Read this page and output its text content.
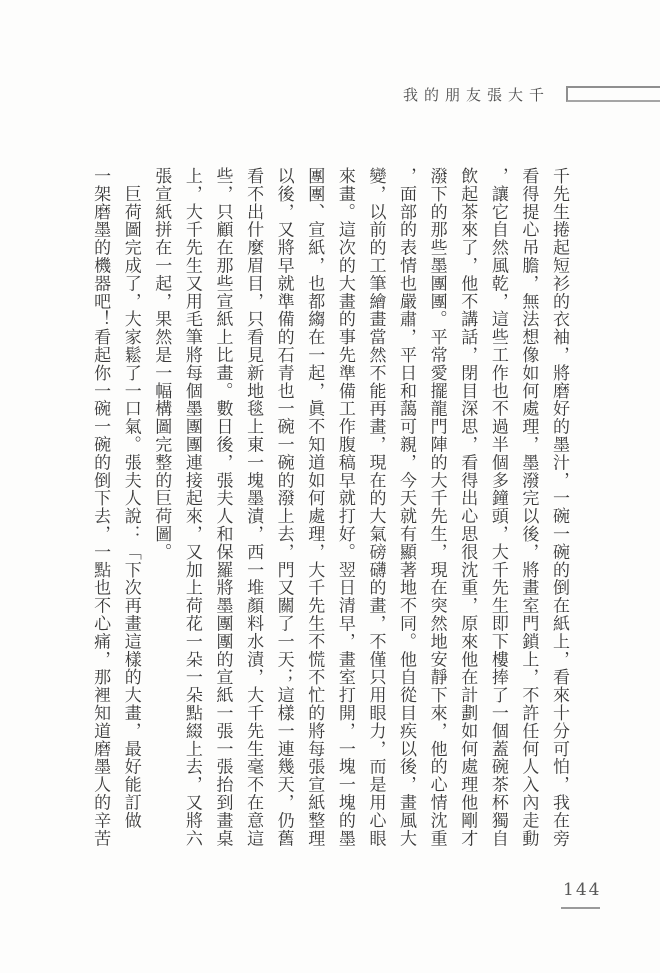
我的朋友張大千
千先生捲起短衫的衣袖，將磨好的墨汁，一碗一碗的倒在紙上，看來十分可怕，我在旁
看得提心吊膽，無法想像如何處理，墨潑完以後，將畫室門鎖上，不許任何人入內走動
，讓它自然風乾，這些工作也不過半個多鐘頭，大千先生即下樓捧了一個蓋碗茶杯獨自
飲起茶來了，他不講話，閉目深思，看得出心思很沈重，原來他在計劃如何處理他剛才
潑下的那些墨團團。平常愛擺龍門陣的大千先生，現在突然地安靜下來，他的心情沈重
，面部的表情也嚴肅，平日和藹可親，今天就有顯著地不同。他自從目疾以後，畫風大
變，以前的工筆繪畫當然不能再畫，現在的大氣磅礴的畫，不僅只用眼力，而是用心眼
來畫。這次的大畫的事先準備工作腹稿早就打好。翌日清早，畫室打開，一塊一塊的墨
團團、宣紙，也都縐在一起，眞不知道如何處理，大千先生不慌不忙的將每張宣紙整理
以後，又將早就準備的石青也一碗一碗的潑上去，門又關了一天；這樣一連幾天，仍舊
看不出什麼眉目，只看見新地毯上東一塊墨漬，西一堆顏料水漬，大千先生毫不在意這
些，只顧在那些宣紙上比畫。數日後，張夫人和保羅將墨團團的宣紙一張一張抬到畫桌
上，大千先生又用毛筆將每個墨團團連接起來，又加上荷花一朵一朵點綴上去，又將六
張宣紙拼在一起，果然是一幅構圖完整的巨荷圖。
　巨荷圖完成了，大家鬆了一口氣。張夫人說：「下次再畫這樣的大畫，最好能訂做
一架磨墨的機器吧！看起你一碗一碗的倒下去，一點也不心痛，那裡知道磨墨人的辛苦
144
